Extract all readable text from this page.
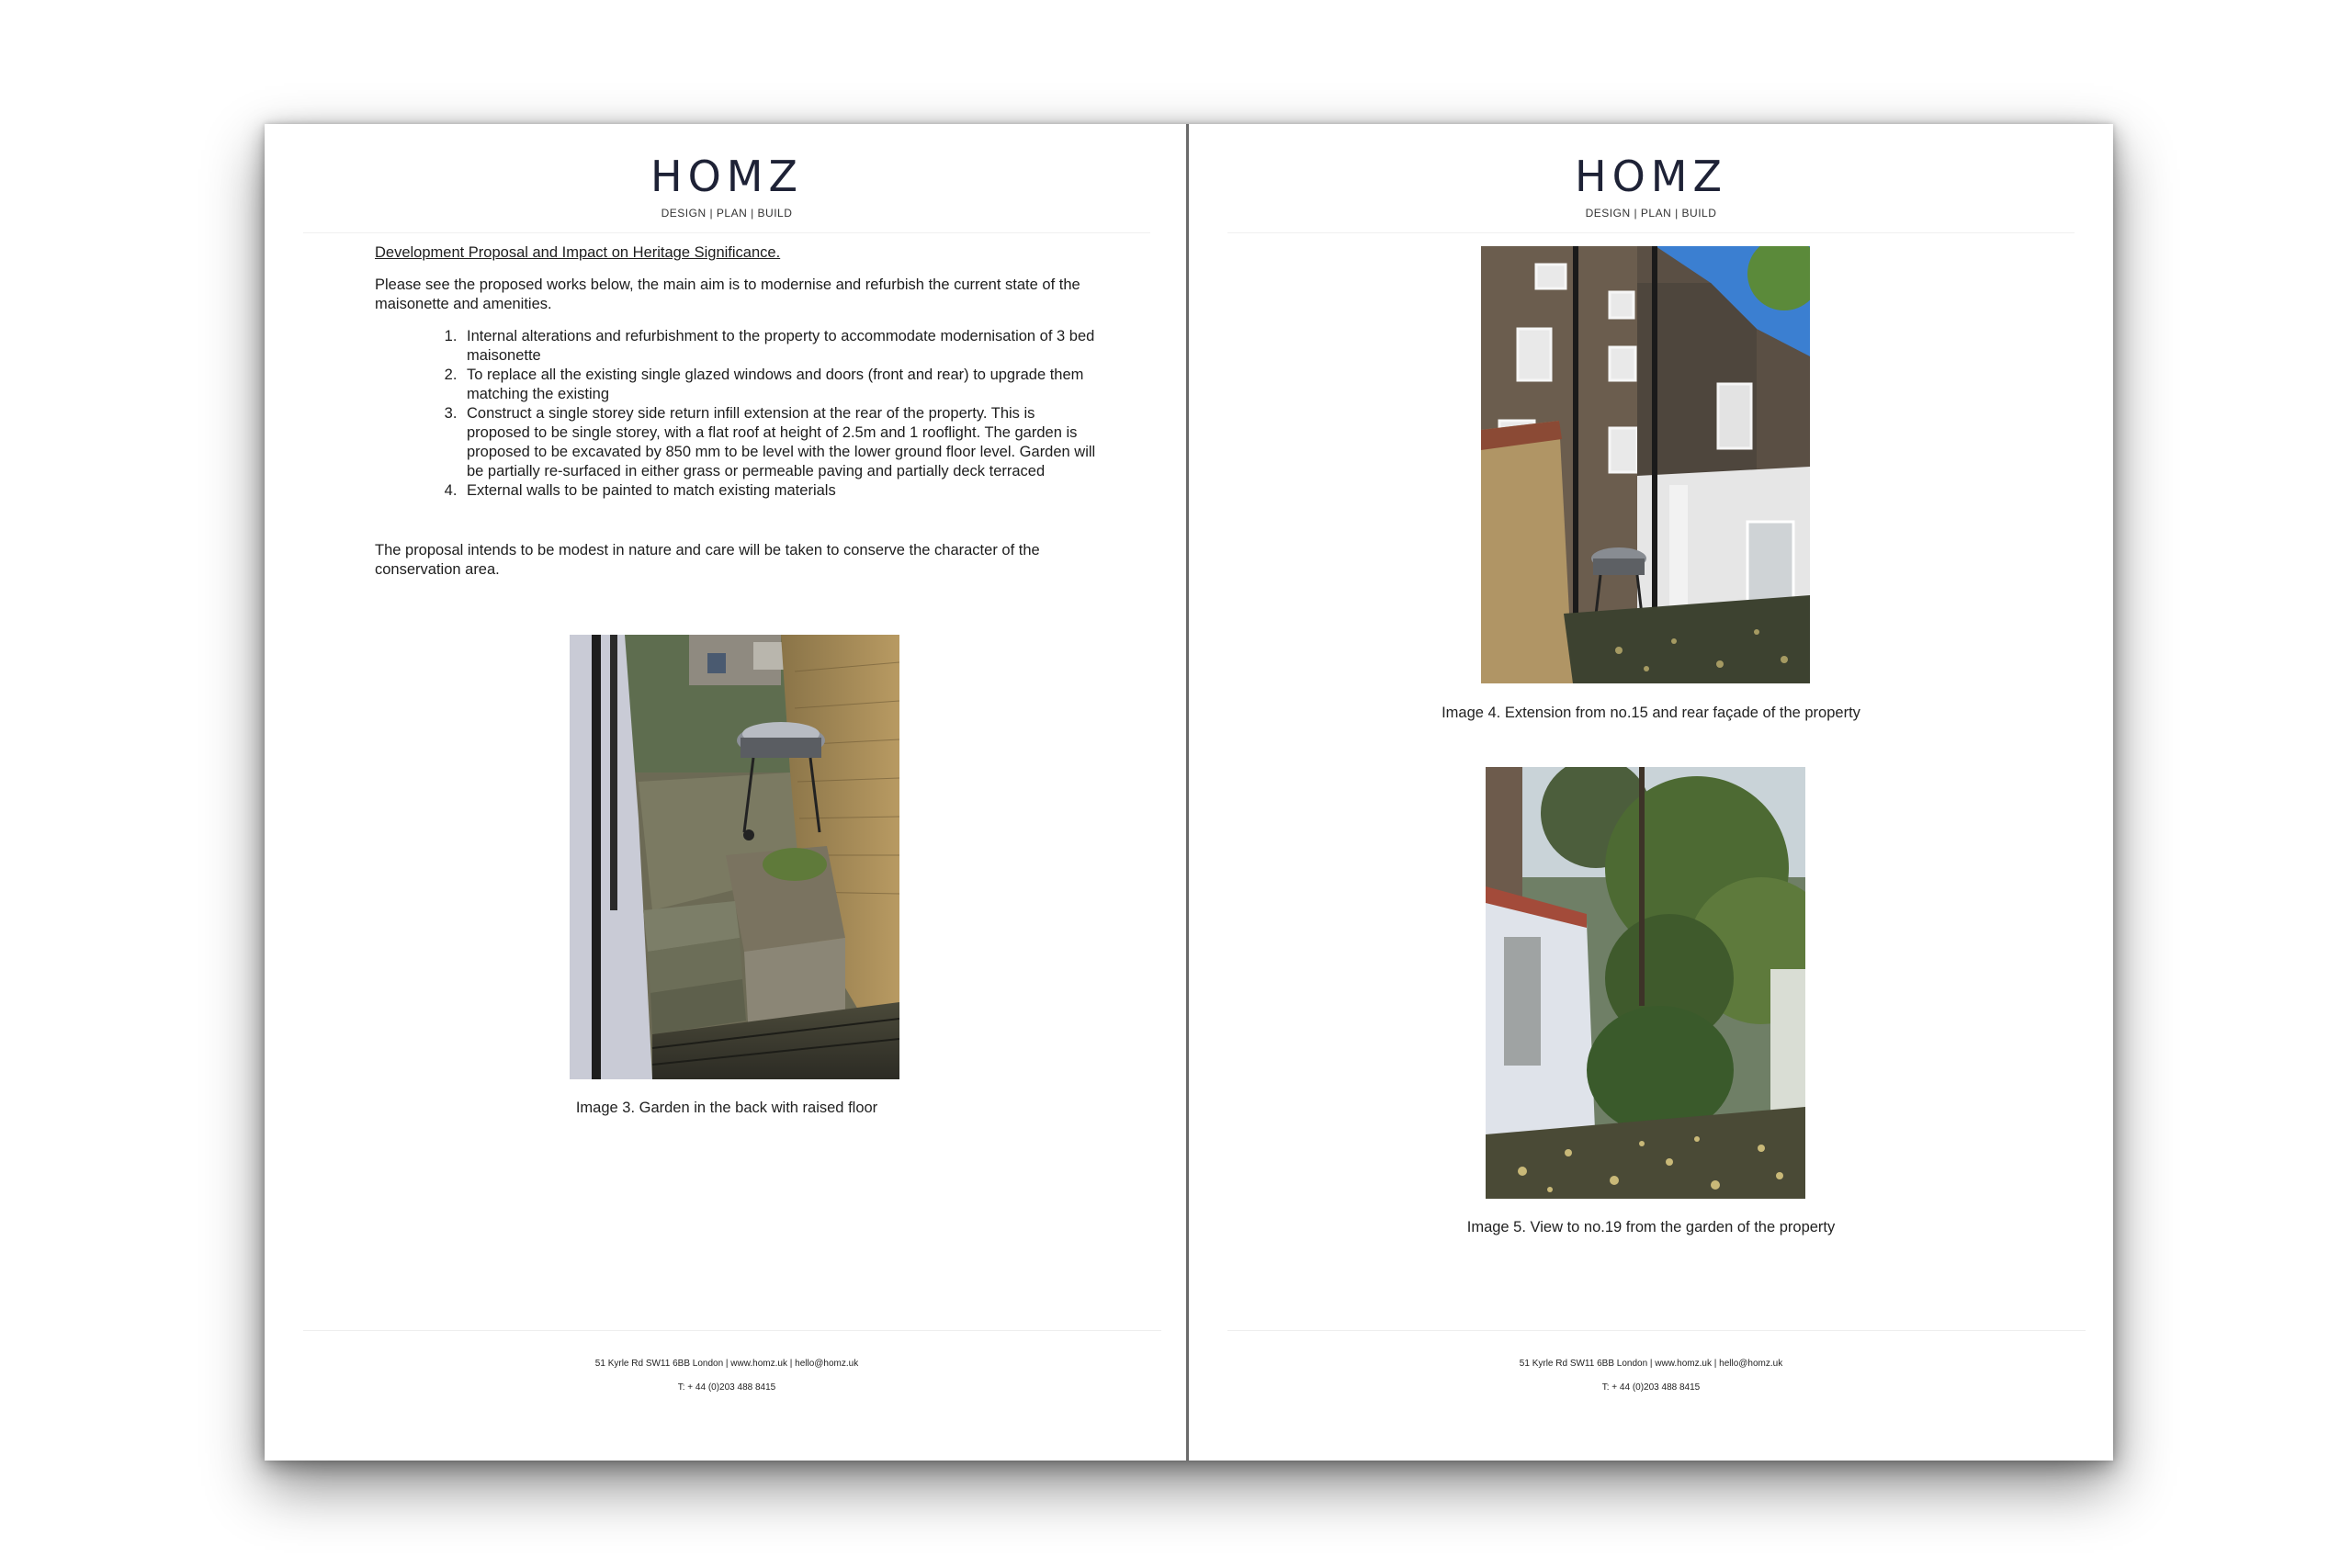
HOMZ
DESIGN | PLAN | BUILD

Development Proposal and Impact on Heritage Significance.

Please see the proposed works below, the main aim is to modernise and refurbish the current state of the maisonette and amenities.

1. Internal alterations and refurbishment to the property to accommodate modernisation of 3 bed maisonette
2. To replace all the existing single glazed windows and doors (front and rear) to upgrade them matching the existing
3. Construct a single storey side return infill extension at the rear of the property. This is proposed to be single storey, with a flat roof at height of 2.5m and 1 rooflight. The garden is proposed to be excavated by 850 mm to be level with the lower ground floor level. Garden will be partially re-surfaced in either grass or permeable paving and partially deck terraced
4. External walls to be painted to match existing materials

The proposal intends to be modest in nature and care will be taken to conserve the character of the conservation area.

Image 3. Garden in the back with raised floor
51 Kyrle Rd SW11 6BB London | www.homz.uk | hello@homz.uk
T: + 44 (0)203 488 8415
HOMZ
DESIGN | PLAN | BUILD
Image 4. Extension from no.15 and rear façade of the property
Image 5. View to no.19 from the garden of the property
51 Kyrle Rd SW11 6BB London | www.homz.uk | hello@homz.uk
T: + 44 (0)203 488 8415
